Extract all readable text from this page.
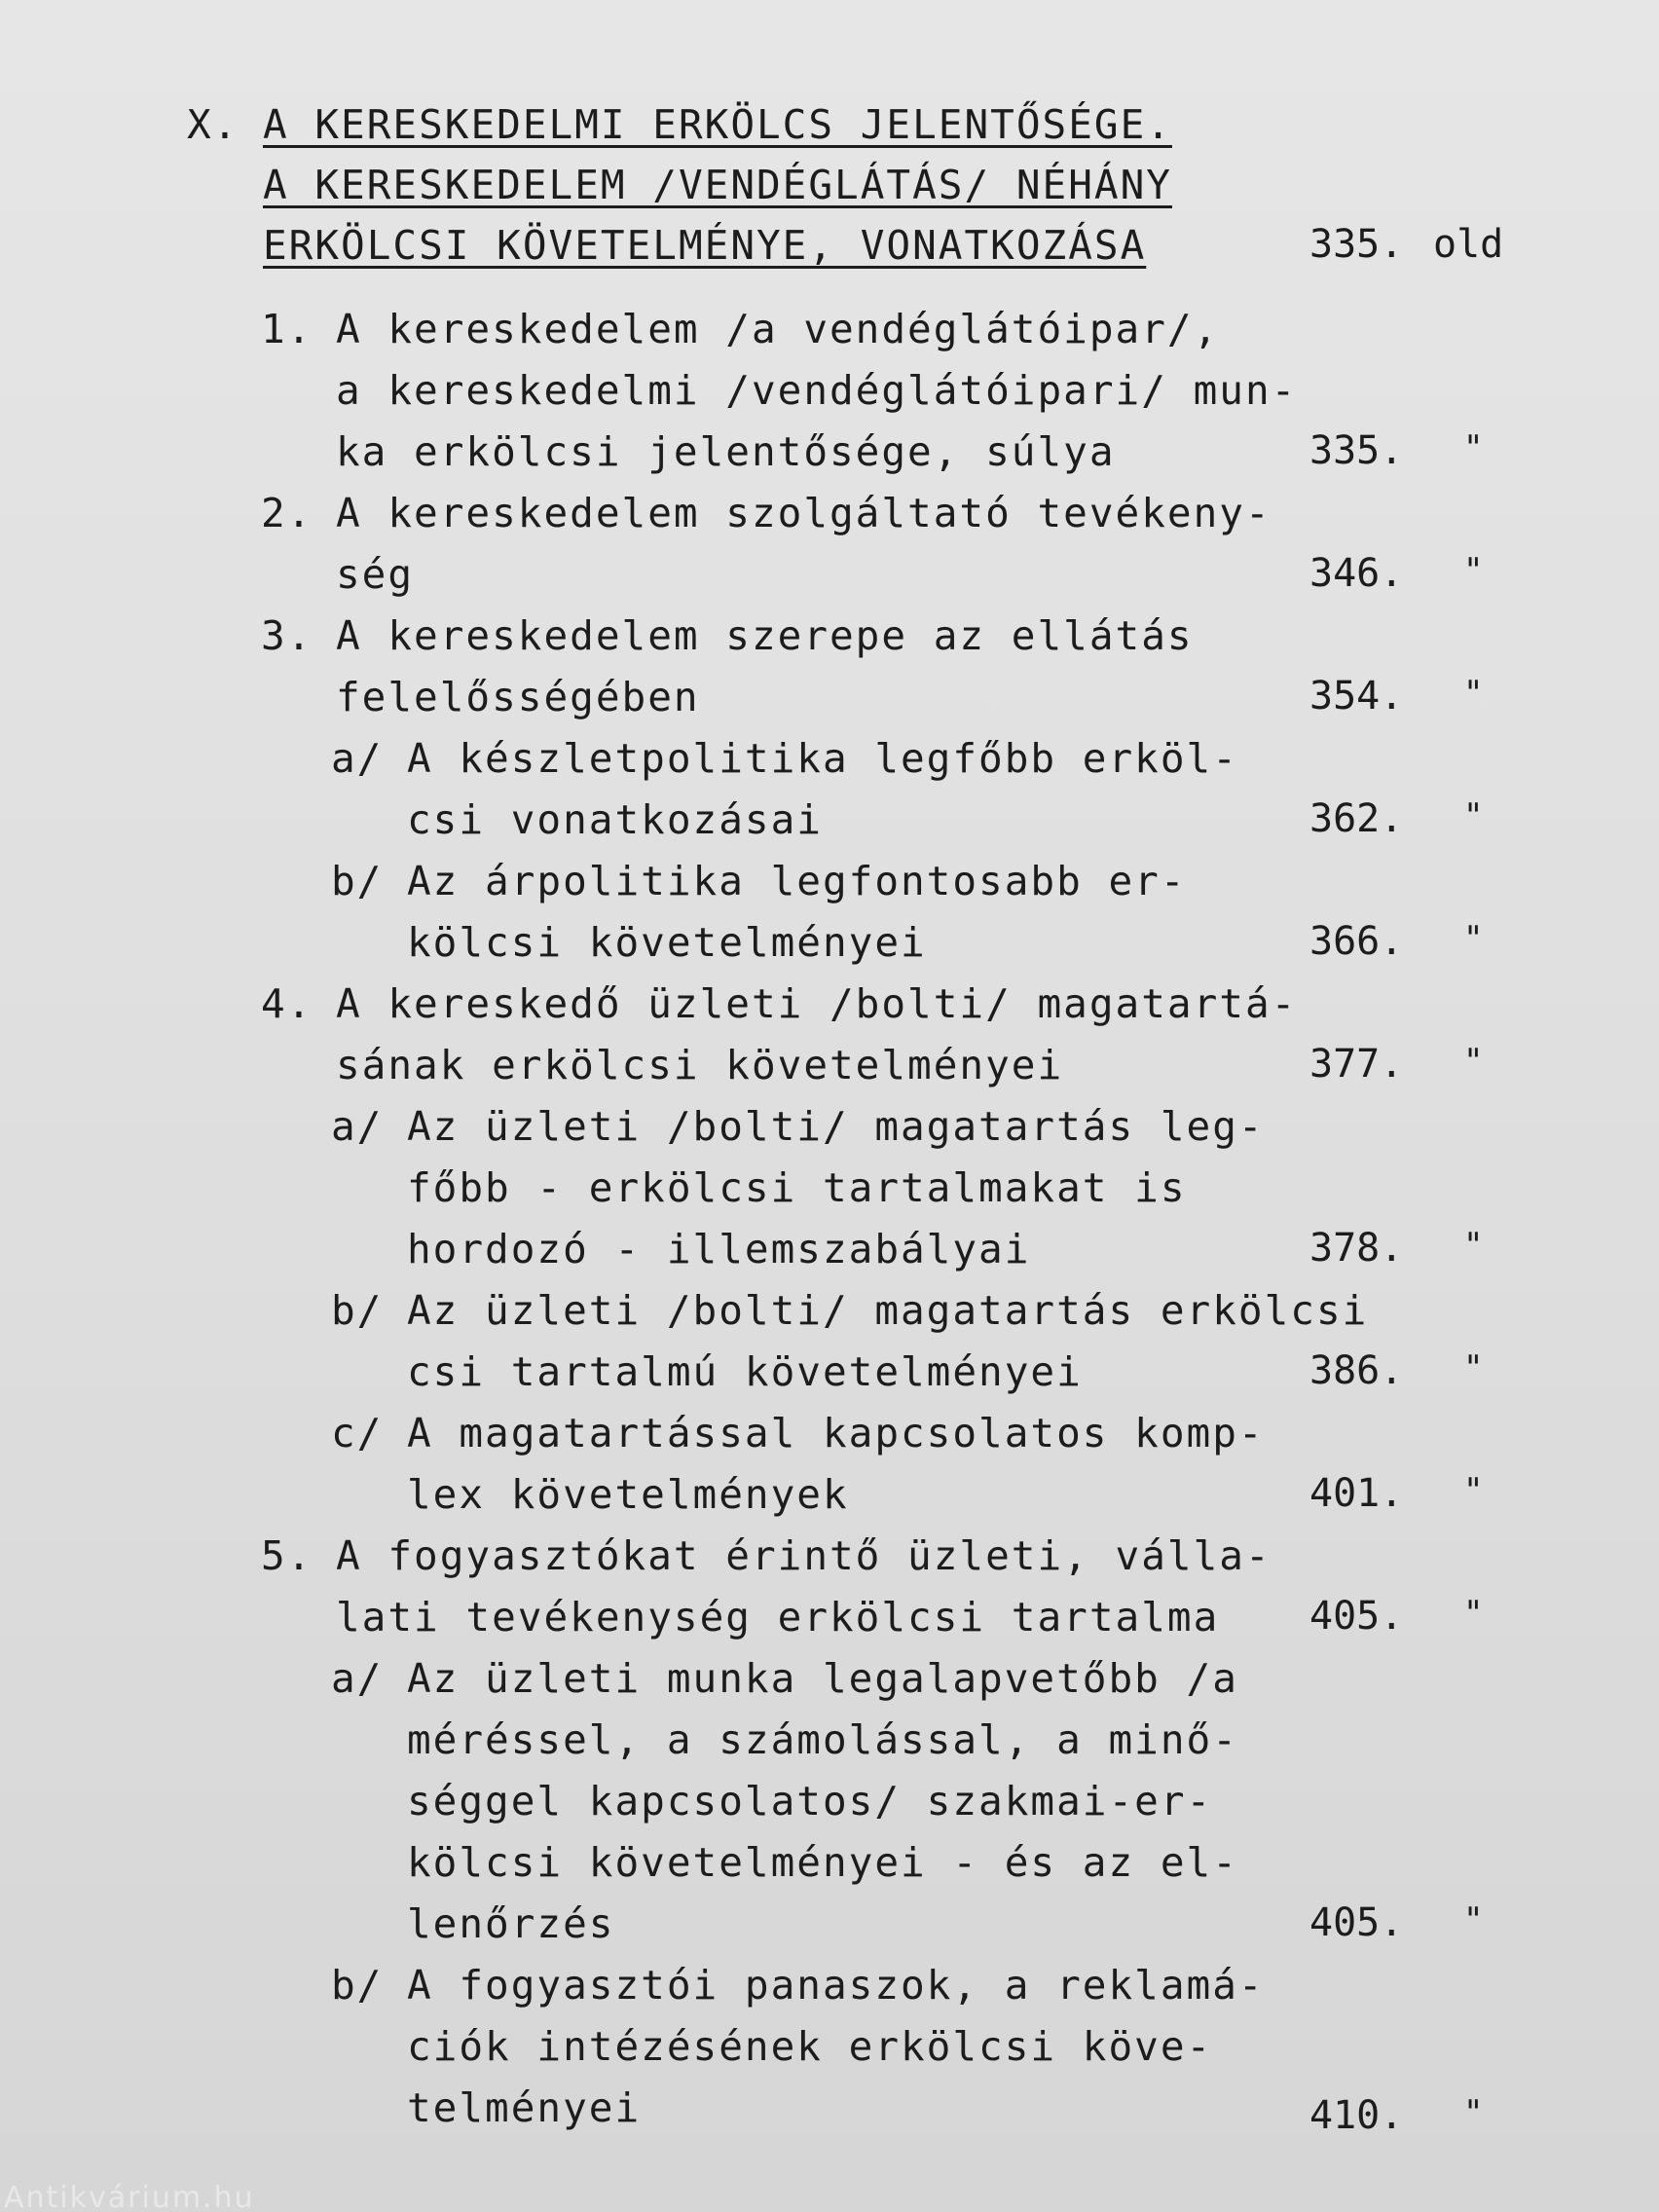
X. A KERESKEDELMI ERKÖLCS JELENTŐSÉGE.
A KERESKEDELEM /VENDÉGLÁTÁS/ NÉHÁNY
ERKÖLCSI KÖVETELMÉNYE, VONATKOZÁSA	335. old
1. A kereskedelem /a vendéglátóipar/,
a kereskedelmi /vendéglátóipari/ mun-
ka erkölcsi jelentősége, súlya	335. "
2. A kereskedelem szolgáltató tevékeny-
ség	346. "
3. A kereskedelem szerepe az ellátás
felelősségében	354. "
a/ A készletpolitika legfőbb erköl-
csi vonatkozásai	362. "
b/ Az árpolitika legfontosabb er-
kölcsi követelményei	366. "
4. A kereskedő üzleti /bolti/ magatartá-
sának erkölcsi követelményei	377. "
a/ Az üzleti /bolti/ magatartás leg-
főbb - erkölcsi tartalmakat is
hordozó - illemszabályai	378. "
b/ Az üzleti /bolti/ magatartás erkölcsi
csi tartalmú követelményei	386. "
c/ A magatartással kapcsolatos komp-
lex követelmények	401. "
5. A fogyasztókat érintő üzleti, válla-
lati tevékenység erkölcsi tartalma 405. "
a/ Az üzleti munka legalapvetőbb /a
méréssel, a számolással, a minő-
séggel kapcsolatos/ szakmai-er-
kölcsi követelményei - és az el-
lenőrzés	405. "
b/ A fogyasztói panaszok, a reklamá-
ciók intézésének erkölcsi köve-
telményei	410. "
Antikvárium.hu
